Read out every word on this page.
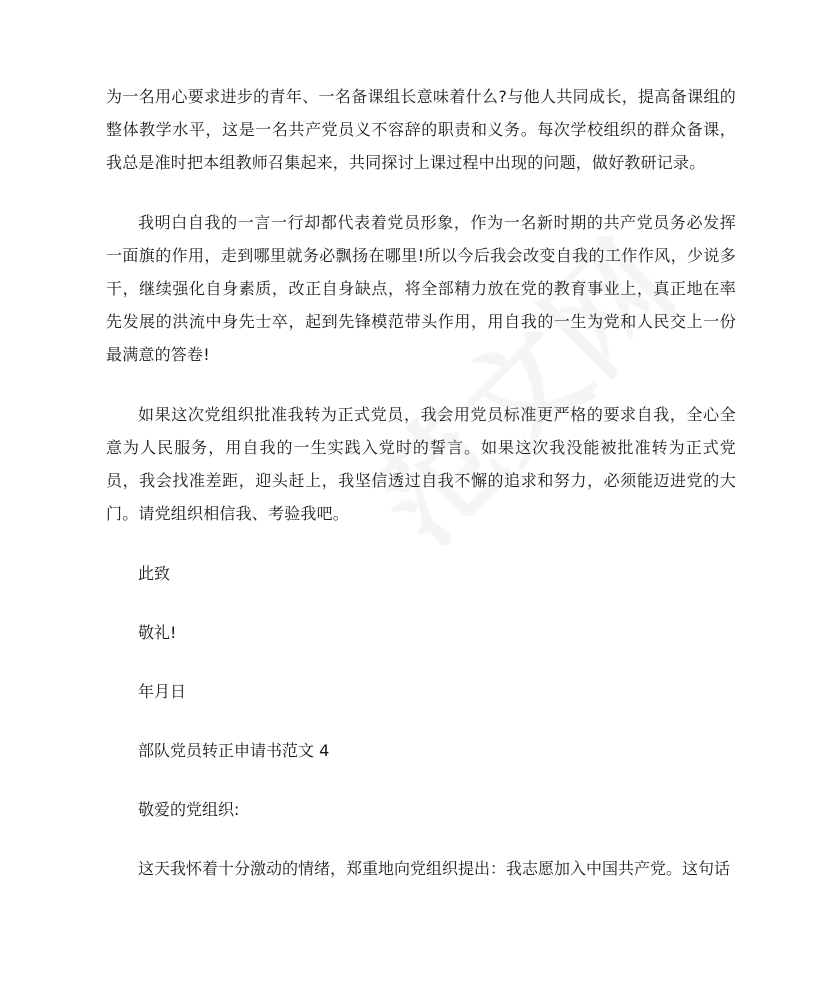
为一名用心要求进步的青年、一名备课组长意味着什么?与他人共同成长，提高备课组的整体教学水平，这是一名共产党员义不容辞的职责和义务。每次学校组织的群众备课，我总是准时把本组教师召集起来，共同探讨上课过程中出现的问题，做好教研记录。

我明白自我的一言一行却都代表着党员形象，作为一名新时期的共产党员务必发挥一面旗的作用，走到哪里就务必飘扬在哪里!所以今后我会改变自我的工作作风，少说多干，继续强化自身素质，改正自身缺点，将全部精力放在党的教育事业上，真正地在率先发展的洪流中身先士卒，起到先锋模范带头作用，用自我的一生为党和人民交上一份最满意的答卷!

如果这次党组织批准我转为正式党员，我会用党员标准更严格的要求自我，全心全意为人民服务，用自我的一生实践入党时的誓言。如果这次我没能被批准转为正式党员，我会找准差距，迎头赶上，我坚信透过自我不懈的追求和努力，必须能迈进党的大门。请党组织相信我、考验我吧。

此致

敬礼!

年月日

部队党员转正申请书范文 4

敬爱的党组织:

这天我怀着十分激动的情绪，郑重地向党组织提出：我志愿加入中国共产党。这句话
